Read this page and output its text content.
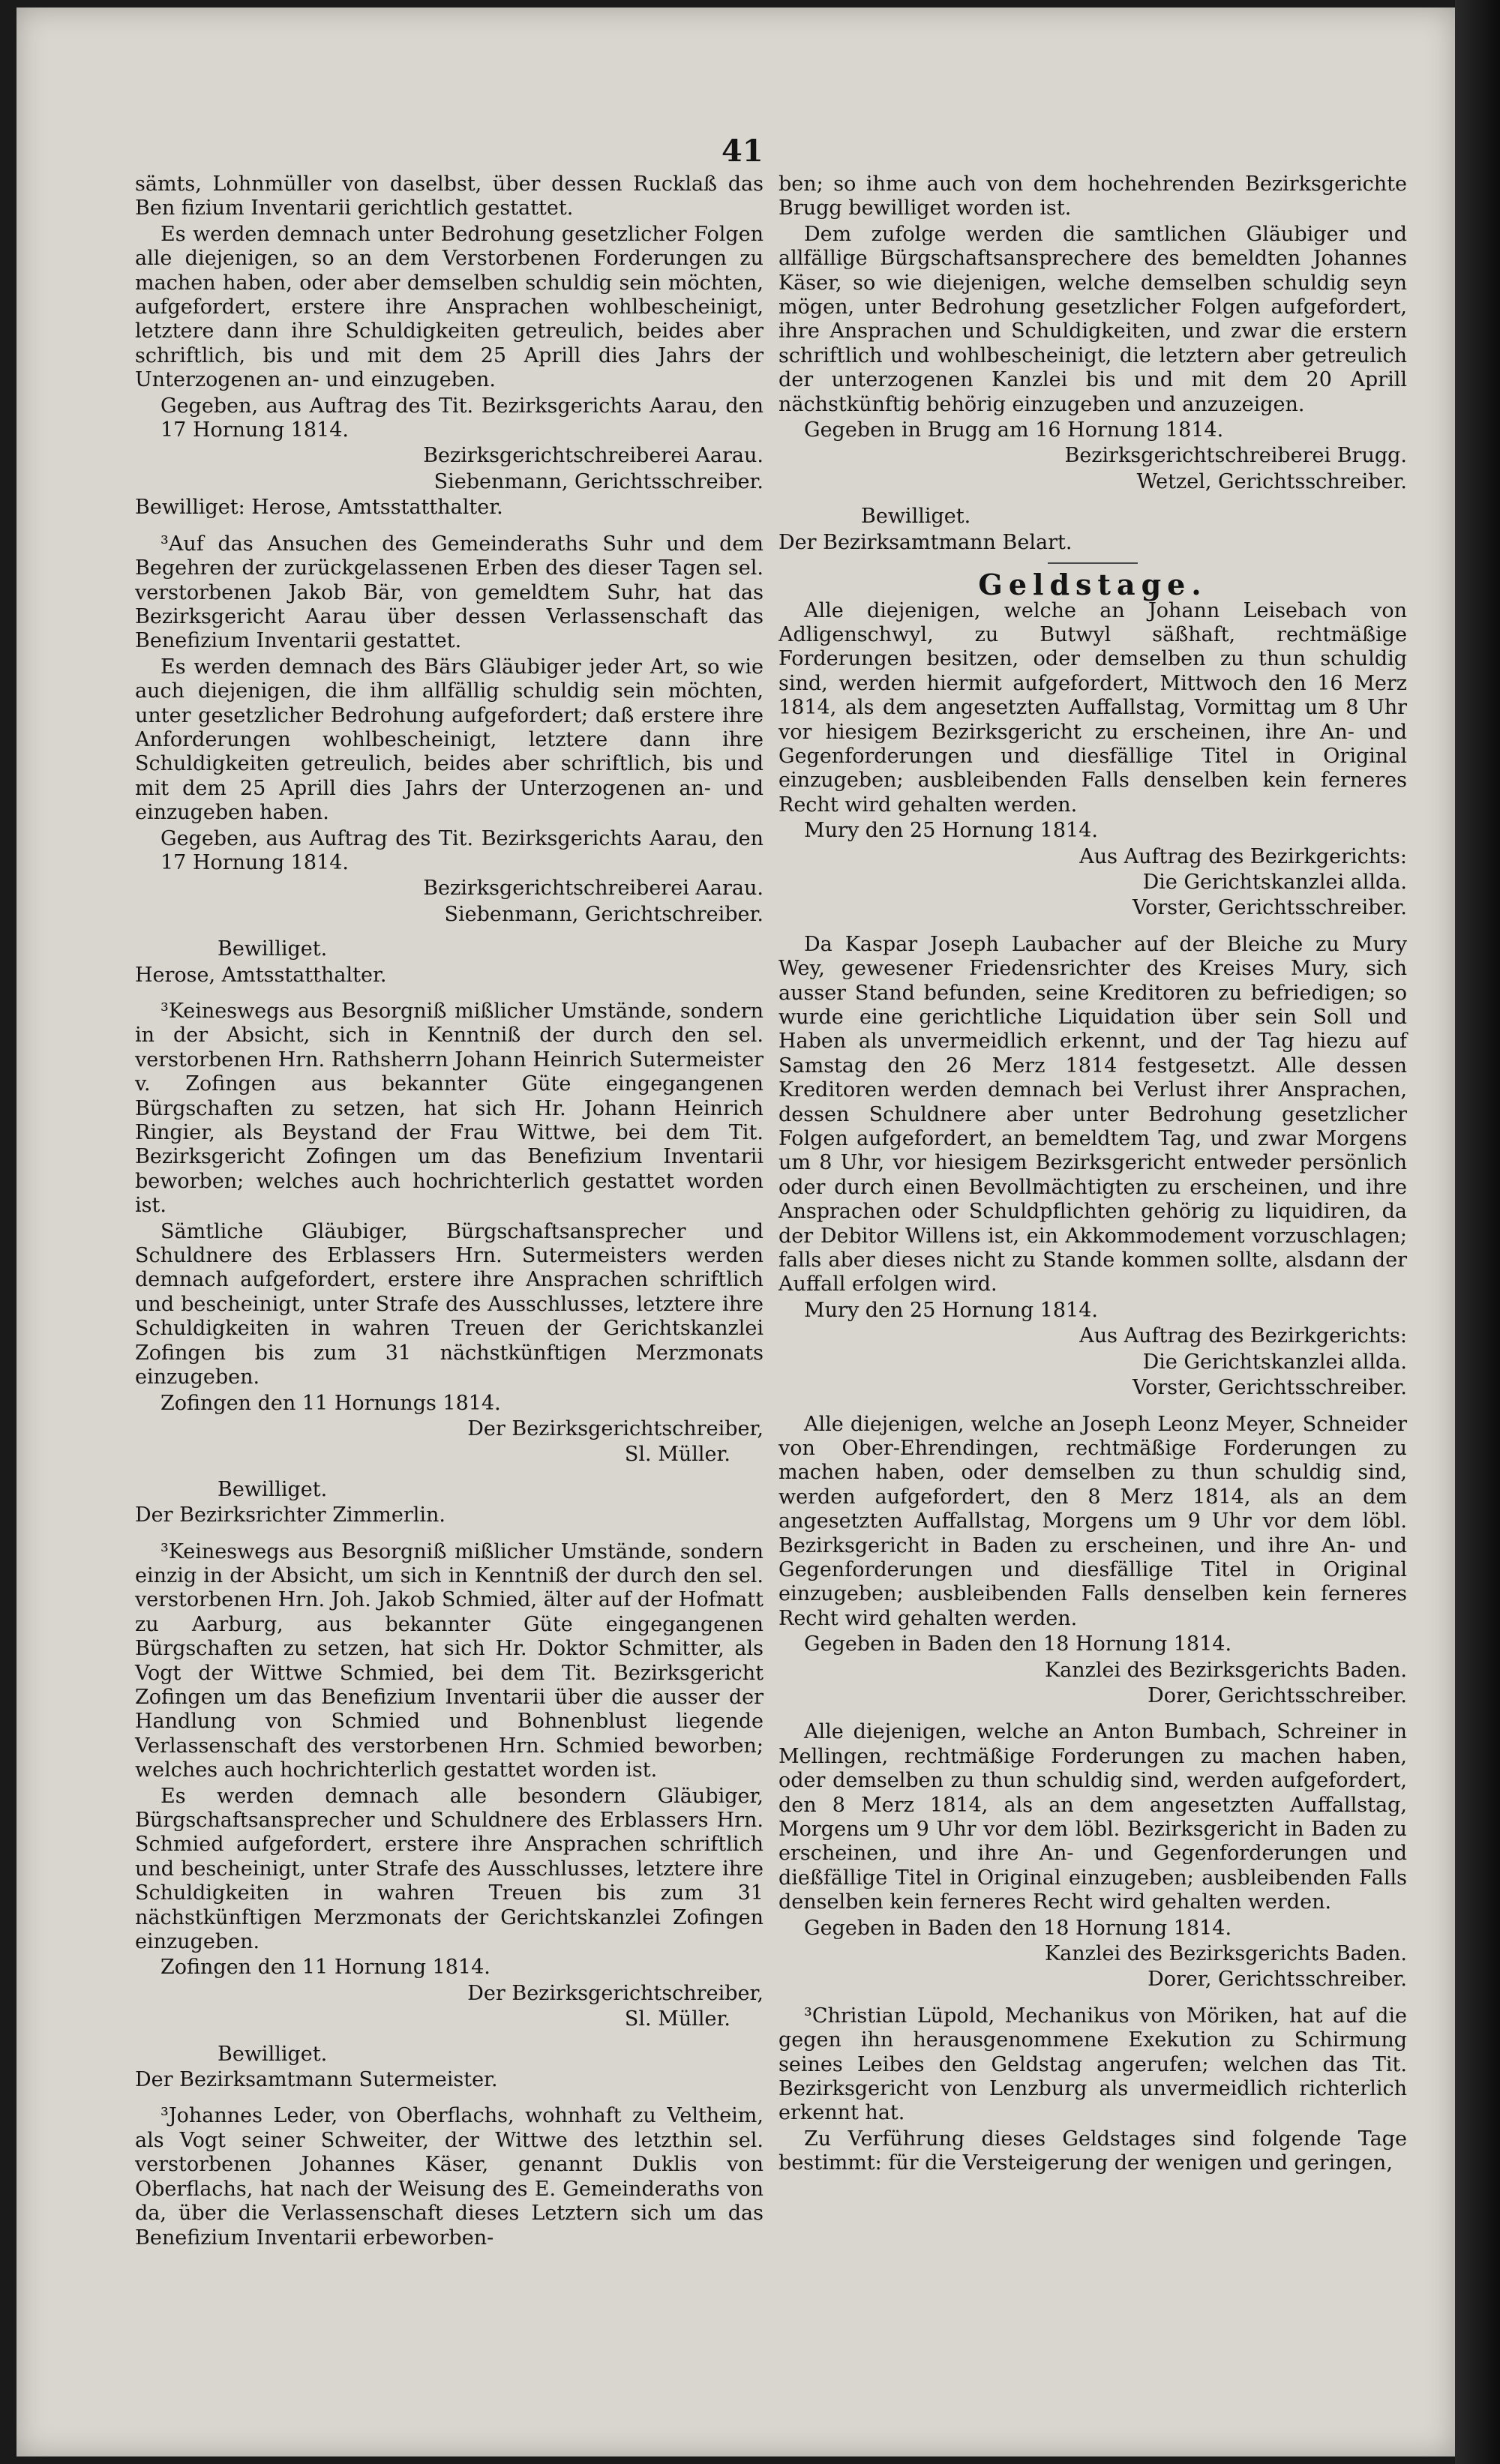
41

sämts, Lohnmüller von daselbst, über dessen Rucklaß das Ben fizium Inventarii gerichtlich gestattet.

Es werden demnach unter Bedrohung gesetzlicher Folgen alle diejenigen, so an dem Verstorbenen Forderungen zu machen haben, oder aber demselben schuldig sein möchten, aufgefordert, erstere ihre Ansprachen wohlbescheinigt, letztere dann ihre Schuldigkeiten getreulich, beides aber schriftlich, bis und mit dem 25 Aprill dies Jahrs der Unterzogenen an- und einzugeben.

Gegeben, aus Auftrag des Tit. Bezirksgerichts Aarau, den 17 Hornung 1814.

Bezirksgerichtschreiberei Aarau.

Siebenmann, Gerichtsschreiber.

Bewilliget: Herose, Amtsstatthalter.

³Auf das Ansuchen des Gemeinderaths Suhr und dem Begehren der zurückgelassenen Erben des dieser Tagen sel. verstorbenen Jakob Bär, von gemeldtem Suhr, hat das Bezirksgericht Aarau über dessen Verlassenschaft das Benefizium Inventarii gestattet.

Es werden demnach des Bärs Gläubiger jeder Art, so wie auch diejenigen, die ihm allfällig schuldig sein möchten, unter gesetzlicher Bedrohung aufgefordert; daß erstere ihre Anforderungen wohlbescheinigt, letztere dann ihre Schuldigkeiten getreulich, beides aber schriftlich, bis und mit dem 25 Aprill dies Jahrs der Unterzogenen an- und einzugeben haben.

Gegeben, aus Auftrag des Tit. Bezirksgerichts Aarau, den 17 Hornung 1814.

Bezirksgerichtschreiberei Aarau.

Siebenmann, Gerichtschreiber.

Bewilliget.

Herose, Amtsstatthalter.

³Keineswegs aus Besorgniß mißlicher Umstände, sondern in der Absicht, sich in Kenntniß der durch den sel. verstorbenen Hrn. Rathsherrn Johann Heinrich Sutermeister v. Zofingen aus bekannter Güte eingegangenen Bürgschaften zu setzen, hat sich Hr. Johann Heinrich Ringier, als Beystand der Frau Wittwe, bei dem Tit. Bezirksgericht Zofingen um das Benefizium Inventarii beworben; welches auch hochrichterlich gestattet worden ist.

Sämtliche Gläubiger, Bürgschaftsansprecher und Schuldnere des Erblassers Hrn. Sutermeisters werden demnach aufgefordert, erstere ihre Ansprachen schriftlich und bescheinigt, unter Strafe des Ausschlusses, letztere ihre Schuldigkeiten in wahren Treuen der Gerichtskanzlei Zofingen bis zum 31 nächstkünftigen Merzmonats einzugeben.

Zofingen den 11 Hornungs 1814.

Der Bezirksgerichtschreiber,

Sl. Müller.

Bewilliget.

Der Bezirksrichter Zimmerlin.

³Keineswegs aus Besorgniß mißlicher Umstände, sondern einzig in der Absicht, um sich in Kenntniß der durch den sel. verstorbenen Hrn. Joh. Jakob Schmied, älter auf der Hofmatt zu Aarburg, aus bekannter Güte eingegangenen Bürgschaften zu setzen, hat sich Hr. Doktor Schmitter, als Vogt der Wittwe Schmied, bei dem Tit. Bezirksgericht Zofingen um das Benefizium Inventarii über die ausser der Handlung von Schmied und Bohnenblust liegende Verlassenschaft des verstorbenen Hrn. Schmied beworben; welches auch hochrichterlich gestattet worden ist.

Es werden demnach alle besondern Gläubiger, Bürgschaftsansprecher und Schuldnere des Erblassers Hrn. Schmied aufgefordert, erstere ihre Ansprachen schriftlich und bescheinigt, unter Strafe des Ausschlusses, letztere ihre Schuldigkeiten in wahren Treuen bis zum 31 nächstkünftigen Merzmonats der Gerichtskanzlei Zofingen einzugeben.

Zofingen den 11 Hornung 1814.

Der Bezirksgerichtschreiber,

Sl. Müller.

Bewilliget.

Der Bezirksamtmann Sutermeister.

³Johannes Leder, von Oberflachs, wohnhaft zu Veltheim, als Vogt seiner Schweiter, der Wittwe des letzthin sel. verstorbenen Johannes Käser, genannt Duklis von Oberflachs, hat nach der Weisung des E. Gemeinderaths von da, über die Verlassenschaft dieses Letztern sich um das Benefizium Inventarii erbeworben-

ben; so ihme auch von dem hochehrenden Bezirksgerichte Brugg bewilliget worden ist.

Dem zufolge werden die samtlichen Gläubiger und allfällige Bürgschaftsansprechere des bemeldten Johannes Käser, so wie diejenigen, welche demselben schuldig seyn mögen, unter Bedrohung gesetzlicher Folgen aufgefordert, ihre Ansprachen und Schuldigkeiten, und zwar die erstern schriftlich und wohlbescheinigt, die letztern aber getreulich der unterzogenen Kanzlei bis und mit dem 20 Aprill nächstkünftig behörig einzugeben und anzuzeigen.

Gegeben in Brugg am 16 Hornung 1814.

Bezirksgerichtschreiberei Brugg.

Wetzel, Gerichtsschreiber.

Bewilliget.

Der Bezirksamtmann Belart.

Geldstage.

Alle diejenigen, welche an Johann Leisebach von Adligenschwyl, zu Butwyl säßhaft, rechtmäßige Forderungen besitzen, oder demselben zu thun schuldig sind, werden hiermit aufgefordert, Mittwoch den 16 Merz 1814, als dem angesetzten Auffallstag, Vormittag um 8 Uhr vor hiesigem Bezirksgericht zu erscheinen, ihre An- und Gegenforderungen und diesfällige Titel in Original einzugeben; ausbleibenden Falls denselben kein ferneres Recht wird gehalten werden.

Mury den 25 Hornung 1814.

Aus Auftrag des Bezirkgerichts:

Die Gerichtskanzlei allda.

Vorster, Gerichtsschreiber.

Da Kaspar Joseph Laubacher auf der Bleiche zu Mury Wey, gewesener Friedensrichter des Kreises Mury, sich ausser Stand befunden, seine Kreditoren zu befriedigen; so wurde eine gerichtliche Liquidation über sein Soll und Haben als unvermeidlich erkennt, und der Tag hiezu auf Samstag den 26 Merz 1814 festgesetzt. Alle dessen Kreditoren werden demnach bei Verlust ihrer Ansprachen, dessen Schuldnere aber unter Bedrohung gesetzlicher Folgen aufgefordert, an bemeldtem Tag, und zwar Morgens um 8 Uhr, vor hiesigem Bezirksgericht entweder persönlich oder durch einen Bevollmächtigten zu erscheinen, und ihre Ansprachen oder Schuldpflichten gehörig zu liquidiren, da der Debitor Willens ist, ein Akkommodement vorzuschlagen; falls aber dieses nicht zu Stande kommen sollte, alsdann der Auffall erfolgen wird.

Mury den 25 Hornung 1814.

Aus Auftrag des Bezirkgerichts:

Die Gerichtskanzlei allda.

Vorster, Gerichtsschreiber.

Alle diejenigen, welche an Joseph Leonz Meyer, Schneider von Ober-Ehrendingen, rechtmäßige Forderungen zu machen haben, oder demselben zu thun schuldig sind, werden aufgefordert, den 8 Merz 1814, als an dem angesetzten Auffallstag, Morgens um 9 Uhr vor dem löbl. Bezirksgericht in Baden zu erscheinen, und ihre An- und Gegenforderungen und diesfällige Titel in Original einzugeben; ausbleibenden Falls denselben kein ferneres Recht wird gehalten werden.

Gegeben in Baden den 18 Hornung 1814.

Kanzlei des Bezirksgerichts Baden.

Dorer, Gerichtsschreiber.

Alle diejenigen, welche an Anton Bumbach, Schreiner in Mellingen, rechtmäßige Forderungen zu machen haben, oder demselben zu thun schuldig sind, werden aufgefordert, den 8 Merz 1814, als an dem angesetzten Auffallstag, Morgens um 9 Uhr vor dem löbl. Bezirksgericht in Baden zu erscheinen, und ihre An- und Gegenforderungen und dießfällige Titel in Original einzugeben; ausbleibenden Falls denselben kein ferneres Recht wird gehalten werden.

Gegeben in Baden den 18 Hornung 1814.

Kanzlei des Bezirksgerichts Baden.

Dorer, Gerichtsschreiber.

³Christian Lüpold, Mechanikus von Möriken, hat auf die gegen ihn herausgenommene Exekution zu Schirmung seines Leibes den Geldstag angerufen; welchen das Tit. Bezirksgericht von Lenzburg als unvermeidlich richterlich erkennt hat.

Zu Verführung dieses Geldstages sind folgende Tage bestimmt: für die Versteigerung der wenigen und geringen,
